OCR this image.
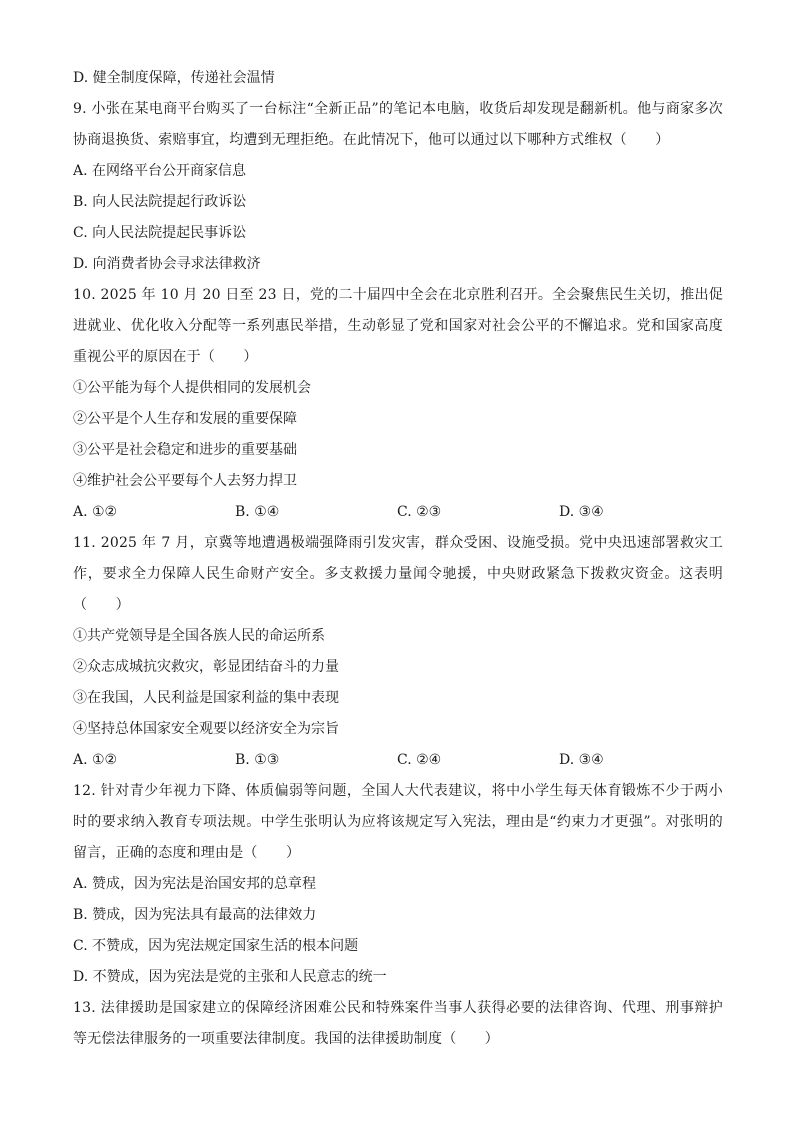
D. 健全制度保障，传递社会温情
9. 小张在某电商平台购买了一台标注“全新正品”的笔记本电脑，收货后却发现是翻新机。他与商家多次协商退换货、索赔事宜，均遭到无理拒绝。在此情况下，他可以通过以下哪种方式维权（　　）
A. 在网络平台公开商家信息
B. 向人民法院提起行政诉讼
C. 向人民法院提起民事诉讼
D. 向消费者协会寻求法律救济
10. 2025 年 10 月 20 日至 23 日，党的二十届四中全会在北京胜利召开。全会聚焦民生关切，推出促进就业、优化收入分配等一系列惠民举措，生动彰显了党和国家对社会公平的不懈追求。党和国家高度重视公平的原因在于（　　）
①公平能为每个人提供相同的发展机会
②公平是个人生存和发展的重要保障
③公平是社会稳定和进步的重要基础
④维护社会公平要每个人去努力捍卫
A. ①②	B. ①④	C. ②③	D. ③④
11. 2025 年 7 月，京冀等地遭遇极端强降雨引发灾害，群众受困、设施受损。党中央迅速部署救灾工作，要求全力保障人民生命财产安全。多支救援力量闻令驰援，中央财政紧急下拨救灾资金。这表明（　　）
①共产党领导是全国各族人民的命运所系
②众志成城抗灾救灾，彰显团结奋斗的力量
③在我国，人民利益是国家利益的集中表现
④坚持总体国家安全观要以经济安全为宗旨
A. ①②	B. ①③	C. ②④	D. ③④
12. 针对青少年视力下降、体质偏弱等问题，全国人大代表建议，将中小学生每天体育锻炼不少于两小时的要求纳入教育专项法规。中学生张明认为应将该规定写入宪法，理由是“约束力才更强”。对张明的留言，正确的态度和理由是（　　）
A. 赞成，因为宪法是治国安邦的总章程
B. 赞成，因为宪法具有最高的法律效力
C. 不赞成，因为宪法规定国家生活的根本问题
D. 不赞成，因为宪法是党的主张和人民意志的统一
13. 法律援助是国家建立的保障经济困难公民和特殊案件当事人获得必要的法律咨询、代理、刑事辩护等无偿法律服务的一项重要法律制度。我国的法律援助制度（　　）
